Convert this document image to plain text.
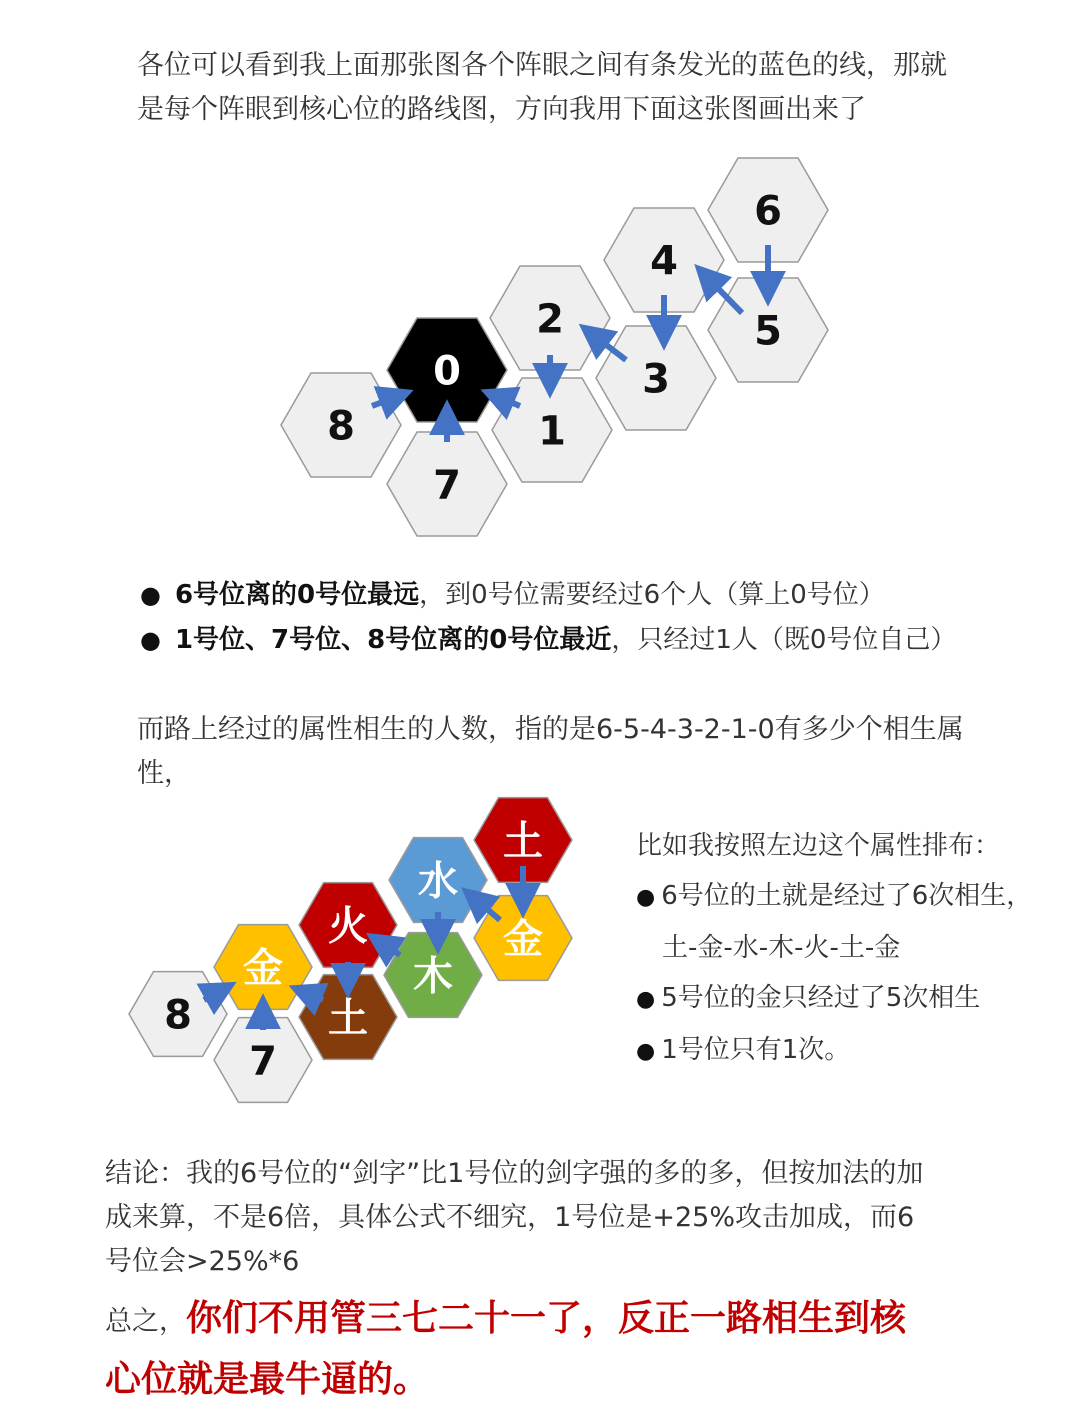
各位可以看到我上面那张图各个阵眼之间有条发光的蓝色的线，那就
是每个阵眼到核心位的路线图，方向我用下面这张图画出来了

6
4
5
2
3
0
1
8
7
● 6号位离的0号位最远，到0号位需要经过6个人（算上0号位）
● 1号位、7号位、8号位离的0号位最近，只经过1人（既0号位自己）

而路上经过的属性相生的人数，指的是6-5-4-3-2-1-0有多少个相生属
性，

土
水
金
火
木
金
土
8
7
比如我按照左边这个属性排布：
● 6号位的土就是经过了6次相生，
土-金-水-木-火-土-金
● 5号位的金只经过了5次相生
● 1号位只有1次。

结论：我的6号位的“剑字”比1号位的剑字强的多的多，但按加法的加
成来算，不是6倍，具体公式不细究，1号位是+25%攻击加成，而6
号位会>25%*6

总之，你们不用管三七二十一了，反正一路相生到核
心位就是最牛逼的。
